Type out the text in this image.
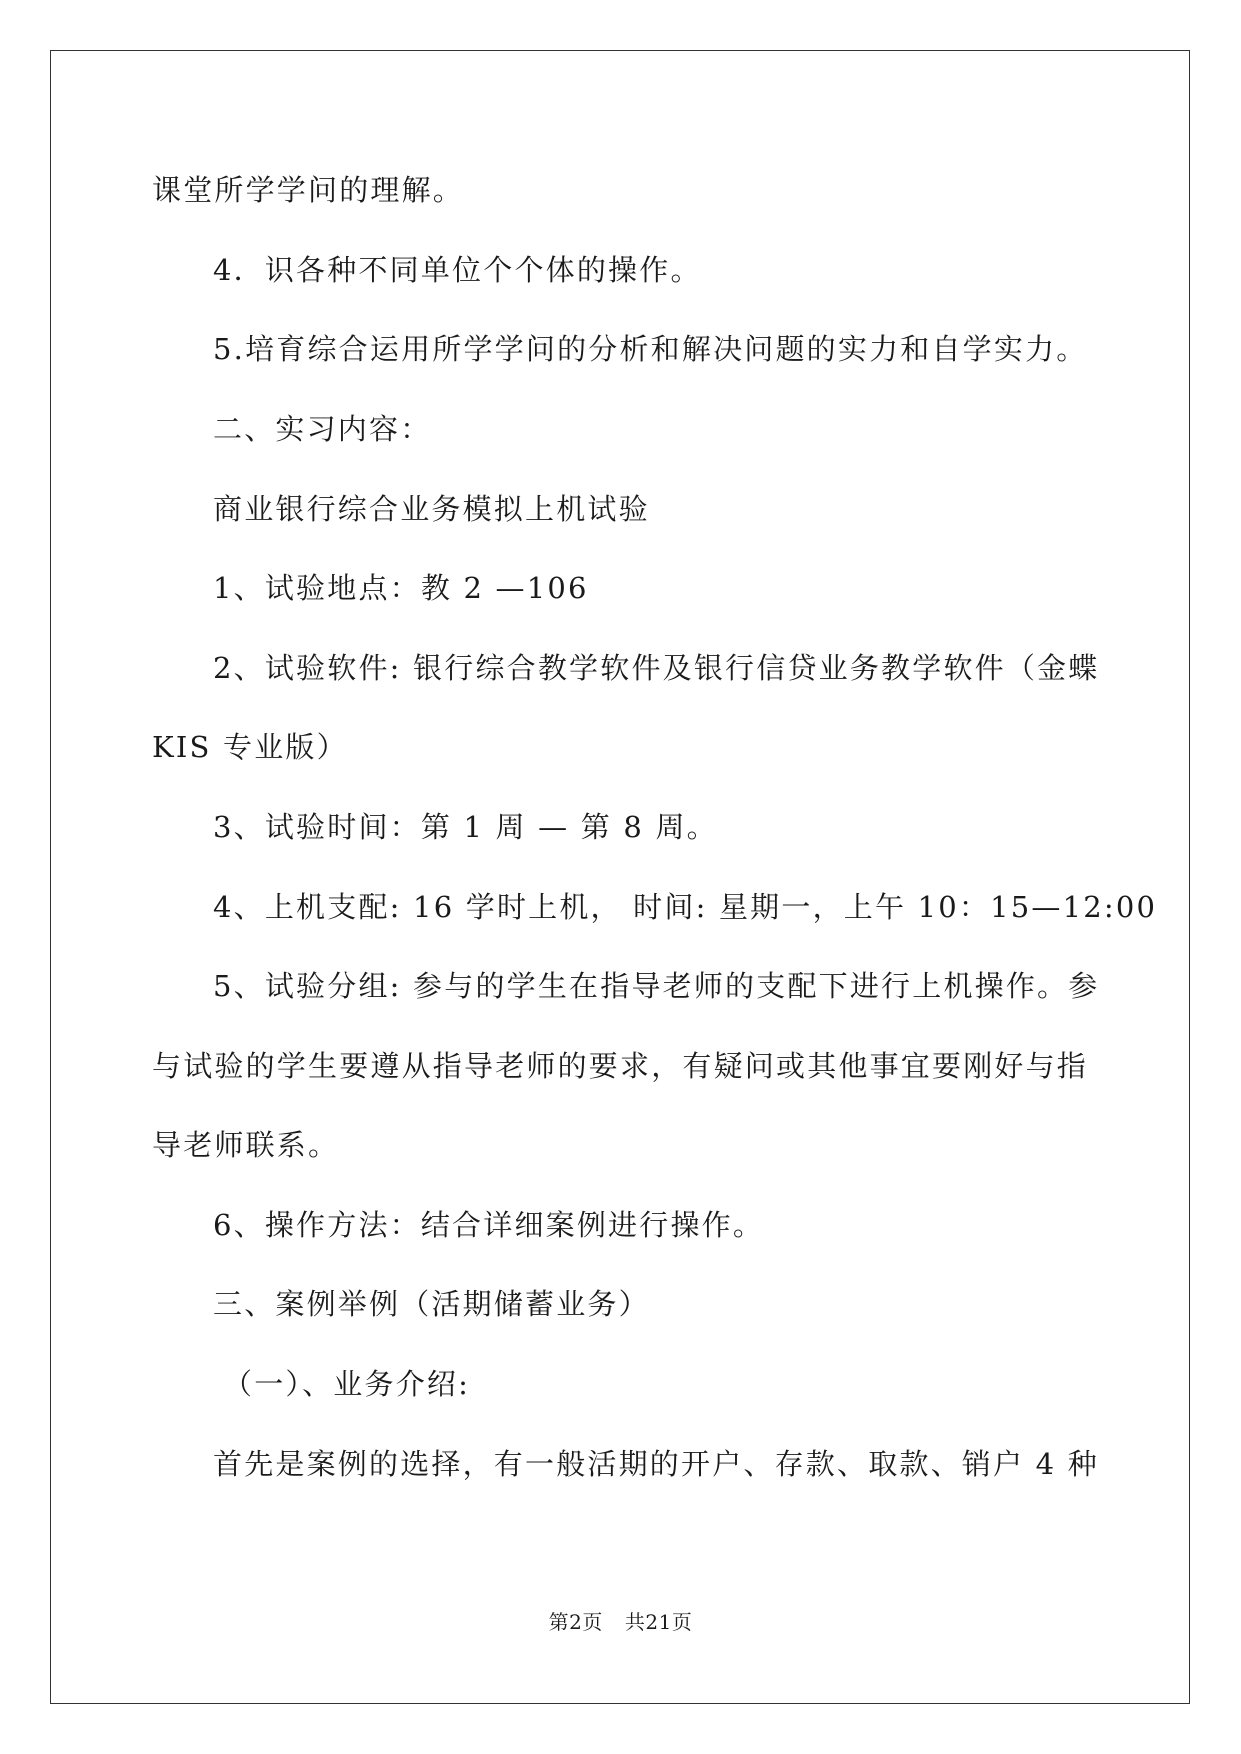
课堂所学学问的理解。
4．识各种不同单位个个体的操作。
5.培育综合运用所学学问的分析和解决问题的实力和自学实力。
二、实习内容：
商业银行综合业务模拟上机试验
1、试验地点：教 2 —106
2、试验软件: 银行综合教学软件及银行信贷业务教学软件（金蝶
KIS 专业版）
3、试验时间：第 1 周 — 第 8 周。
4、上机支配: 16 学时上机， 时间: 星期一，上午 10：15—12:00
5、试验分组: 参与的学生在指导老师的支配下进行上机操作。参
与试验的学生要遵从指导老师的要求，有疑问或其他事宜要刚好与指
导老师联系。
6、操作方法：结合详细案例进行操作。
三、案例举例（活期储蓄业务）
（一）、业务介绍:
首先是案例的选择，有一般活期的开户、存款、取款、销户 4 种
第2页 共21页
